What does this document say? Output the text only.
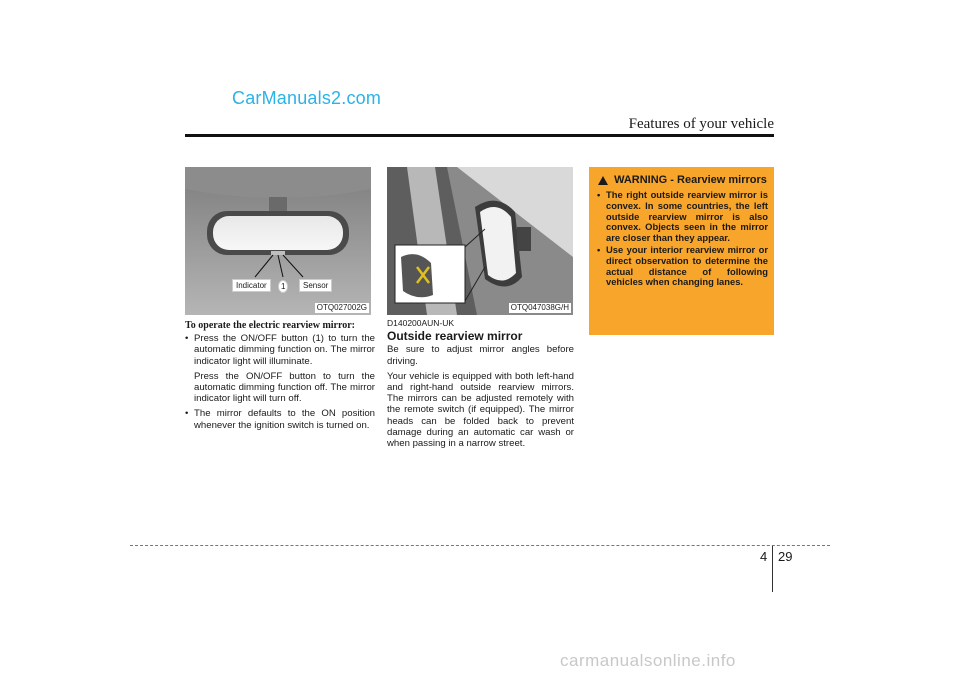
CarManuals2.com
Features of your vehicle
Indicator	1	Sensor
OTQ027002G	OTQ047038G/H
To operate the electric rearview mirror:
• Press the ON/OFF button (1) to turn the automatic dimming function on. The mirror indicator light will illuminate.
Press the ON/OFF button to turn the automatic dimming function off. The mirror indicator light will turn off.
• The mirror defaults to the ON position whenever the ignition switch is turned on.
D140200AUN-UK
Outside rearview mirror

Be sure to adjust mirror angles before driving.

Your vehicle is equipped with both left-hand and right-hand outside rearview mirrors. The mirrors can be adjusted remotely with the remote switch (if equipped). The mirror heads can be folded back to prevent damage during an automatic car wash or when passing in a narrow street.

WARNING - Rearview mirrors
• The right outside rearview mirror is convex. In some countries, the left outside rearview mirror is also convex. Objects seen in the mirror are closer than they appear.
• Use your interior rearview mirror or direct observation to determine the actual distance of following vehicles when changing lanes.
4 29
carmanualsonline.info
